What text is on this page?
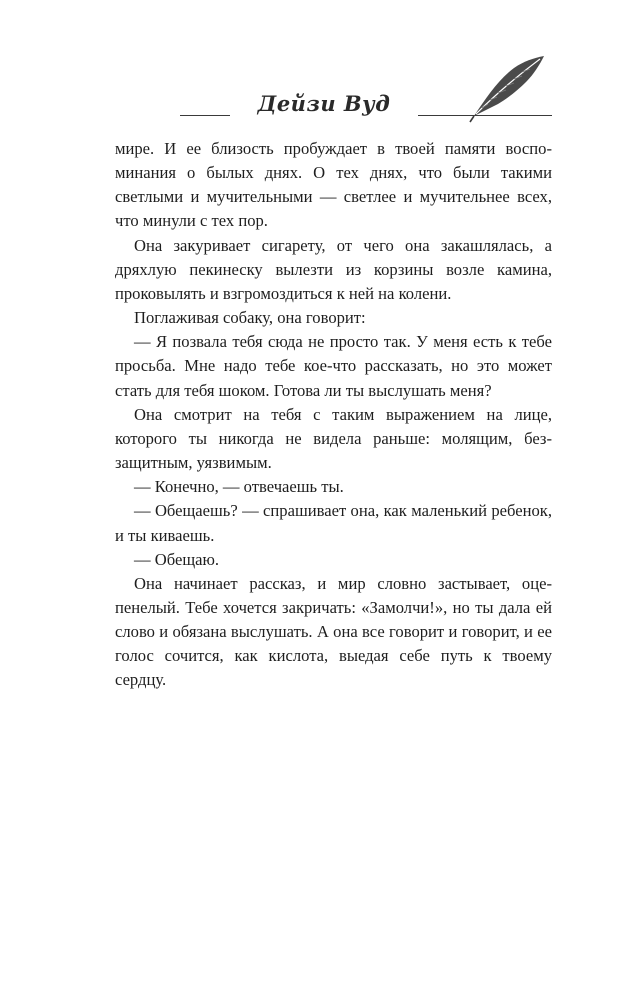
Дейзи Вуд

мире. И ее близость пробуждает в твоей памяти воспоминания о былых днях. О тех днях, что были такими светлыми и мучительными — светлее и мучительнее всех, что минули с тех пор.

Она закуривает сигарету, от чего она закашлялась, а дряхлую пекинеску вылезти из корзины возле камина, проковылять и взгромоздиться к ней на колени.

Поглаживая собаку, она говорит:

— Я позвала тебя сюда не просто так. У меня есть к тебе просьба. Мне надо тебе кое-что рассказать, но это может стать для тебя шоком. Готова ли ты выслушать меня?

Она смотрит на тебя с таким выражением на лице, которого ты никогда не видела раньше: молящим, беззащитным, уязвимым.

— Конечно, — отвечаешь ты.

— Обещаешь? — спрашивает она, как маленький ребенок, и ты киваешь.

— Обещаю.

Она начинает рассказ, и мир словно застывает, оцепенелый. Тебе хочется закричать: «Замолчи!», но ты дала ей слово и обязана выслушать. А она все говорит и говорит, и ее голос сочится, как кислота, выедая себе путь к твоему сердцу.
